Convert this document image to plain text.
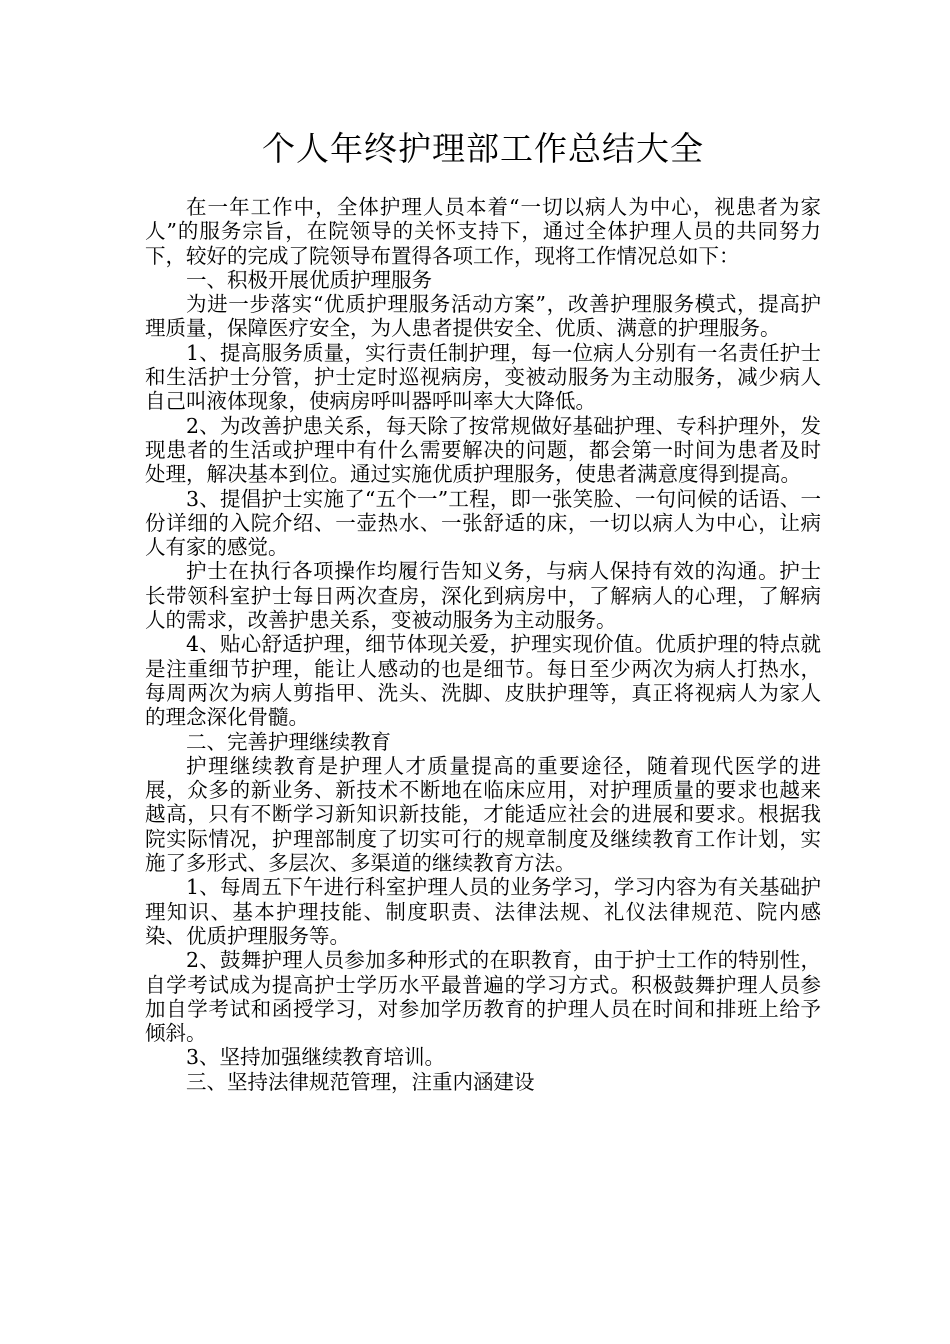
个人年终护理部工作总结大全

在一年工作中，全体护理人员本着“一切以病人为中心，视患者为家人”的服务宗旨，在院领导的关怀支持下，通过全体护理人员的共同努力下，较好的完成了院领导布置得各项工作，现将工作情况总如下：

一、积极开展优质护理服务

为进一步落实“优质护理服务活动方案”，改善护理服务模式，提高护理质量，保障医疗安全，为人患者提供安全、优质、满意的护理服务。

1、提高服务质量，实行责任制护理，每一位病人分别有一名责任护士和生活护士分管，护士定时巡视病房，变被动服务为主动服务，减少病人自己叫液体现象，使病房呼叫器呼叫率大大降低。

2、为改善护患关系，每天除了按常规做好基础护理、专科护理外，发现患者的生活或护理中有什么需要解决的问题，都会第一时间为患者及时处理，解决基本到位。通过实施优质护理服务，使患者满意度得到提高。

3、提倡护士实施了“五个一”工程，即一张笑脸、一句问候的话语、一份详细的入院介绍、一壶热水、一张舒适的床，一切以病人为中心，让病人有家的感觉。

护士在执行各项操作均履行告知义务，与病人保持有效的沟通。护士长带领科室护士每日两次查房，深化到病房中，了解病人的心理，了解病人的需求，改善护患关系，变被动服务为主动服务。

4、贴心舒适护理，细节体现关爱，护理实现价值。优质护理的特点就是注重细节护理，能让人感动的也是细节。每日至少两次为病人打热水，每周两次为病人剪指甲、洗头、洗脚、皮肤护理等，真正将视病人为家人的理念深化骨髓。

二、完善护理继续教育

护理继续教育是护理人才质量提高的重要途径，随着现代医学的进展，众多的新业务、新技术不断地在临床应用，对护理质量的要求也越来越高，只有不断学习新知识新技能，才能适应社会的进展和要求。根据我院实际情况，护理部制度了切实可行的规章制度及继续教育工作计划，实施了多形式、多层次、多渠道的继续教育方法。

1、每周五下午进行科室护理人员的业务学习，学习内容为有关基础护理知识、基本护理技能、制度职责、法律法规、礼仪法律规范、院内感染、优质护理服务等。

2、鼓舞护理人员参加多种形式的在职教育，由于护士工作的特别性，自学考试成为提高护士学历水平最普遍的学习方式。积极鼓舞护理人员参加自学考试和函授学习，对参加学历教育的护理人员在时间和排班上给予倾斜。

3、坚持加强继续教育培训。

三、坚持法律规范管理，注重内涵建设
